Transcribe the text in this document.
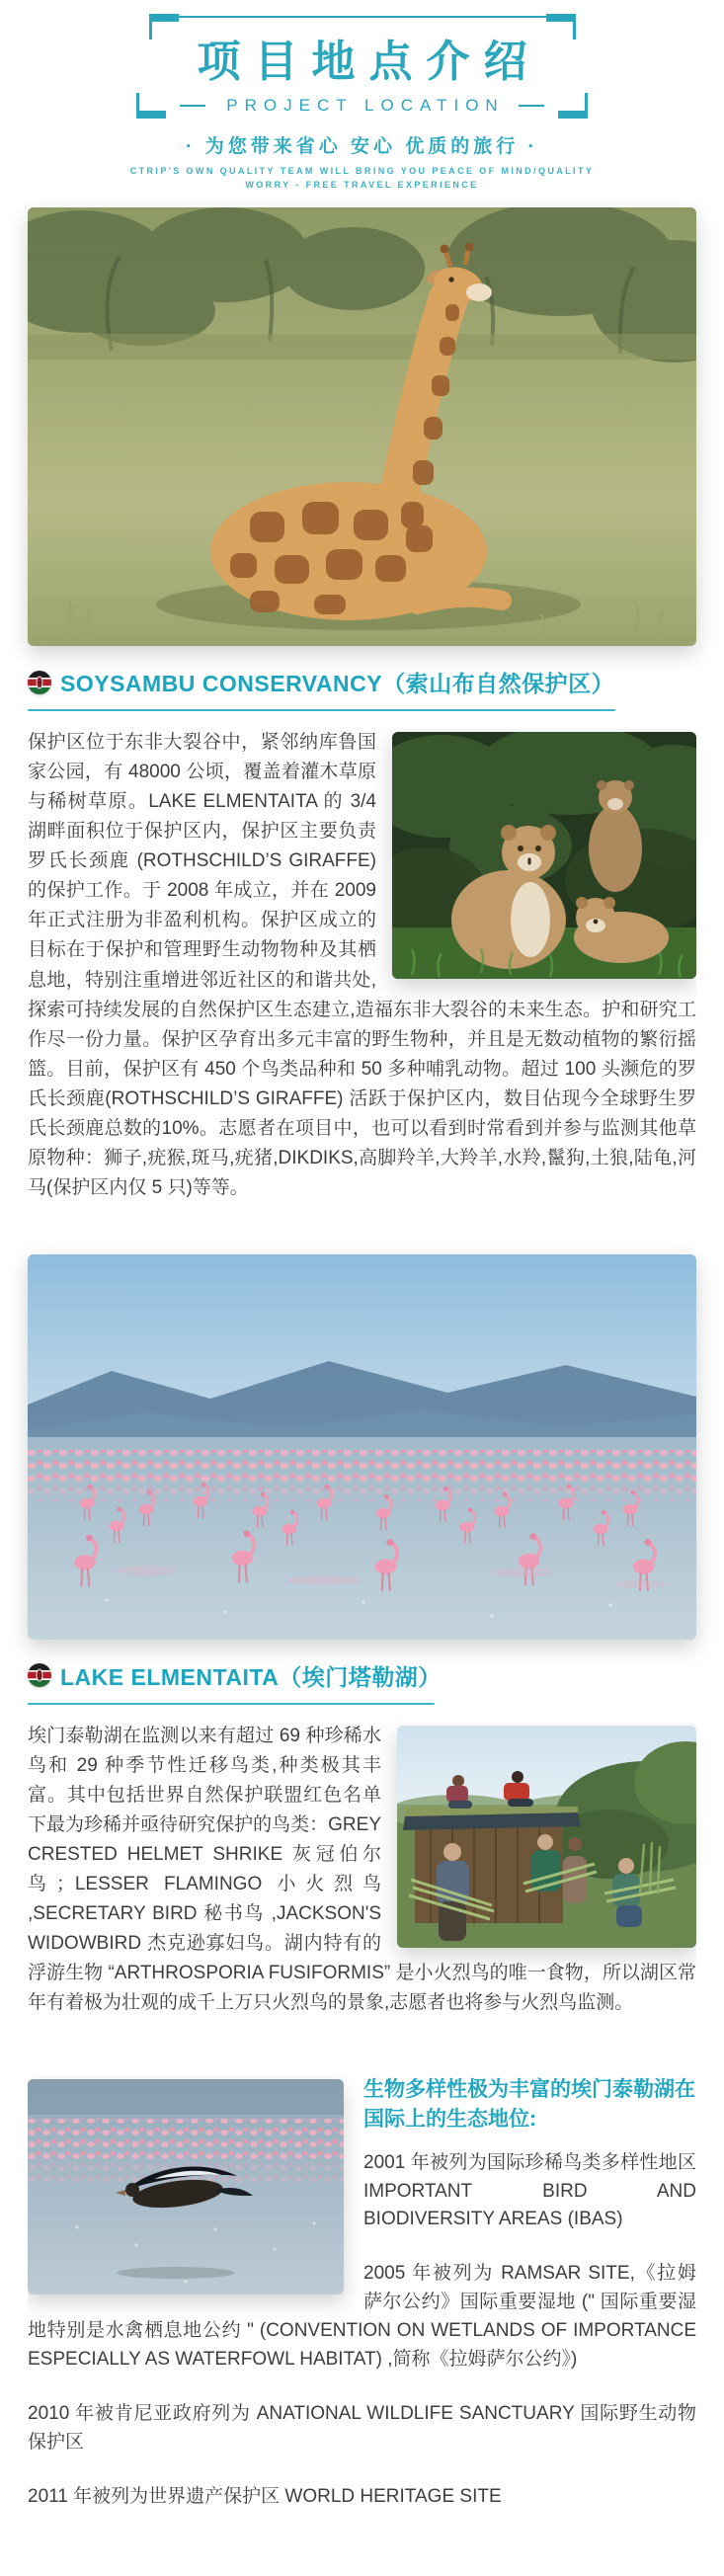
项目地点介绍
PROJECT LOCATION
· 为您带来省心 安心 优质的旅行 ·
CTRIP'S OWN QUALITY TEAM WILL BRING YOU PEACE OF MIND/QUALITY
WORRY - FREE TRAVEL EXPERIENCE
SOYSAMBU CONSERVANCY（索山布自然保护区）
保护区位于东非大裂谷中，紧邻纳库鲁国家公园，有 48000 公顷，覆盖着灌木草原与稀树草原。LAKE ELMENTAITA 的 3/4 湖畔面积位于保护区内，保护区主要负责罗氏长颈鹿 (ROTHSCHILD’S GIRAFFE) 的保护工作。于 2008 年成立，并在 2009 年正式注册为非盈利机构。保护区成立的目标在于保护和管理野生动物物种及其栖息地，特别注重增进邻近社区的和谐共处,探索可持续发展的自然保护区生态建立,造福东非大裂谷的未来生态。护和研究工作尽一份力量。保护区孕育出多元丰富的野生物种，并且是无数动植物的繁衍摇篮。目前，保护区有 450 个鸟类品种和 50 多种哺乳动物。超过 100 头濒危的罗氏长颈鹿(ROTHSCHILD’S GIRAFFE) 活跃于保护区内，数目佔现今全球野生罗氏长颈鹿总数的10%。志愿者在项目中，也可以看到时常看到并参与监测其他草原物种：狮子,疣猴,斑马,疣猪,DIKDIKS,高脚羚羊,大羚羊,水羚,鬣狗,土狼,陆龟,河马(保护区内仅 5 只)等等。
LAKE ELMENTAITA（埃门塔勒湖）
埃门泰勒湖在监测以来有超过 69 种珍稀水鸟和 29 种季节性迁移鸟类,种类极其丰富。其中包括世界自然保护联盟红色名单下最为珍稀并亟待研究保护的鸟类：GREY CRESTED HELMET SHRIKE 灰冠伯尔鸟；LESSER FLAMINGO 小火烈鸟 ,SECRETARY BIRD 秘书鸟 ,JACKSON'S WIDOWBIRD 杰克逊寡妇鸟。湖内特有的浮游生物 “ARTHROSPORIA FUSIFORMIS” 是小火烈鸟的唯一食物，所以湖区常年有着极为壮观的成千上万只火烈鸟的景象,志愿者也将参与火烈鸟监测。
生物多样性极为丰富的埃门泰勒湖在国际上的生态地位:

2001 年被列为国际珍稀鸟类多样性地区 IMPORTANT BIRD AND BIODIVERSITY AREAS (IBAS)

2005 年被列为 RAMSAR SITE,《拉姆萨尔公约》国际重要湿地 (" 国际重要湿地特别是水禽栖息地公约 " (CONVENTION ON WETLANDS OF IMPORTANCE ESPECIALLY AS WATERFOWL HABITAT) ,简称《拉姆萨尔公约》)

2010 年被肯尼亚政府列为 ANATIONAL WILDLIFE SANCTUARY 国际野生动物保护区

2011 年被列为世界遗产保护区 WORLD HERITAGE SITE
